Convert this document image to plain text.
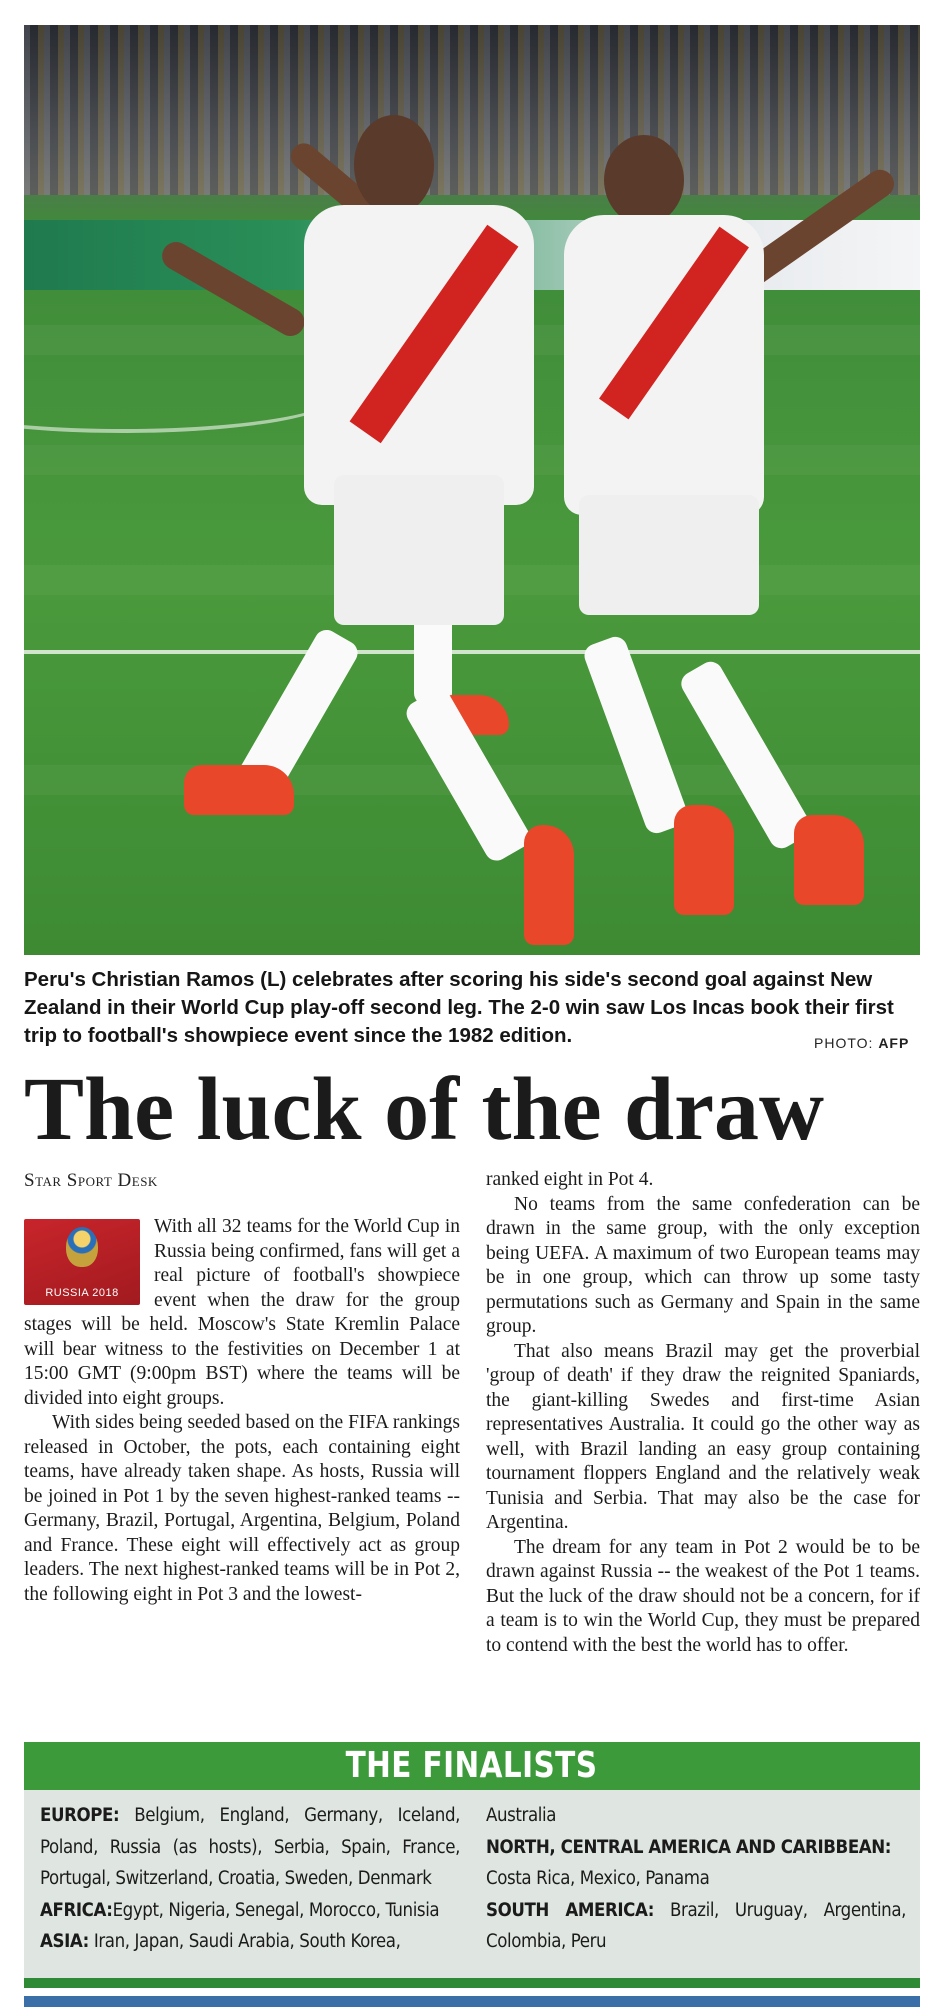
Peru's Christian Ramos (L) celebrates after scoring his side's second goal against New Zealand in their World Cup play-off second leg. The 2-0 win saw Los Incas book their first trip to football's showpiece event since the 1982 edition.	PHOTO: AFP
The luck of the draw
Star Sport Desk
RUSSIA 2018

With all 32 teams for the World Cup in Russia being confirmed, fans will get a real picture of football's showpiece event when the draw for the group stages will be held. Moscow's State Kremlin Palace will bear witness to the festivities on December 1 at 15:00 GMT (9:00pm BST) where the teams will be divided into eight groups.

With sides being seeded based on the FIFA rankings released in October, the pots, each containing eight teams, have already taken shape. As hosts, Russia will be joined in Pot 1 by the seven highest-ranked teams -- Germany, Brazil, Portugal, Argentina, Belgium, Poland and France. These eight will effectively act as group leaders. The next highest-ranked teams will be in Pot 2, the following eight in Pot 3 and the lowest-

ranked eight in Pot 4.

No teams from the same confederation can be drawn in the same group, with the only exception being UEFA. A maximum of two European teams may be in one group, which can throw up some tasty permutations such as Germany and Spain in the same group.

That also means Brazil may get the proverbial 'group of death' if they draw the reignited Spaniards, the giant-killing Swedes and first-time Asian representatives Australia. It could go the other way as well, with Brazil landing an easy group containing tournament floppers England and the relatively weak Tunisia and Serbia. That may also be the case for Argentina.

The dream for any team in Pot 2 would be to be drawn against Russia -- the weakest of the Pot 1 teams. But the luck of the draw should not be a concern, for if a team is to win the World Cup, they must be prepared to contend with the best the world has to offer.

THE FINALISTS
EUROPE: Belgium, England, Germany, Iceland, Poland, Russia (as hosts), Serbia, Spain, France, Portugal, Switzerland, Croatia, Sweden, Denmark
AFRICA:Egypt, Nigeria, Senegal, Morocco, Tunisia
ASIA: Iran, Japan, Saudi Arabia, South Korea,
Australia
NORTH, CENTRAL AMERICA AND CARIBBEAN:
Costa Rica, Mexico, Panama
SOUTH AMERICA: Brazil, Uruguay, Argentina, Colombia, Peru
